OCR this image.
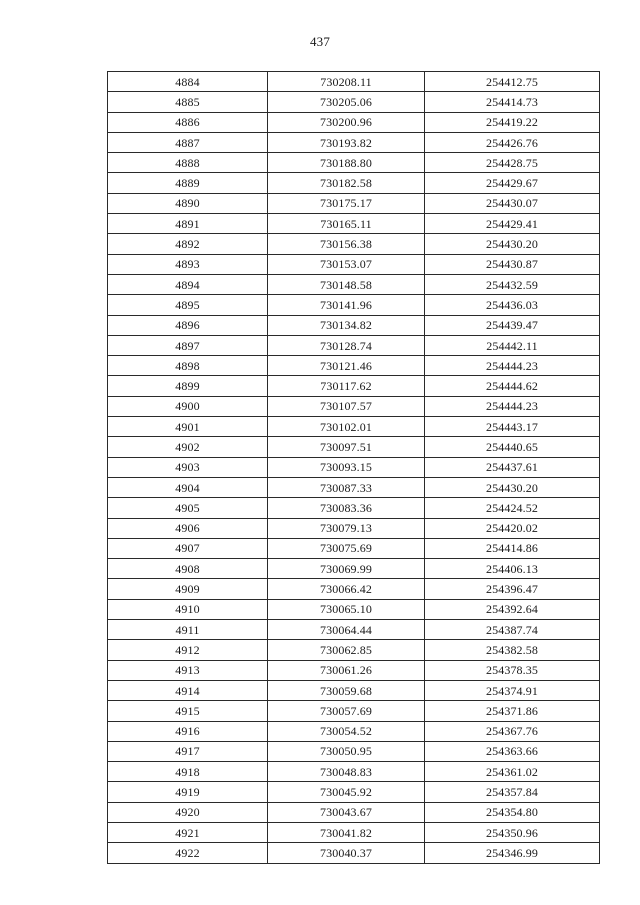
437
4884	730208.11	254412.75
4885	730205.06	254414.73
4886	730200.96	254419.22
4887	730193.82	254426.76
4888	730188.80	254428.75
4889	730182.58	254429.67
4890	730175.17	254430.07
4891	730165.11	254429.41
4892	730156.38	254430.20
4893	730153.07	254430.87
4894	730148.58	254432.59
4895	730141.96	254436.03
4896	730134.82	254439.47
4897	730128.74	254442.11
4898	730121.46	254444.23
4899	730117.62	254444.62
4900	730107.57	254444.23
4901	730102.01	254443.17
4902	730097.51	254440.65
4903	730093.15	254437.61
4904	730087.33	254430.20
4905	730083.36	254424.52
4906	730079.13	254420.02
4907	730075.69	254414.86
4908	730069.99	254406.13
4909	730066.42	254396.47
4910	730065.10	254392.64
4911	730064.44	254387.74
4912	730062.85	254382.58
4913	730061.26	254378.35
4914	730059.68	254374.91
4915	730057.69	254371.86
4916	730054.52	254367.76
4917	730050.95	254363.66
4918	730048.83	254361.02
4919	730045.92	254357.84
4920	730043.67	254354.80
4921	730041.82	254350.96
4922	730040.37	254346.99
